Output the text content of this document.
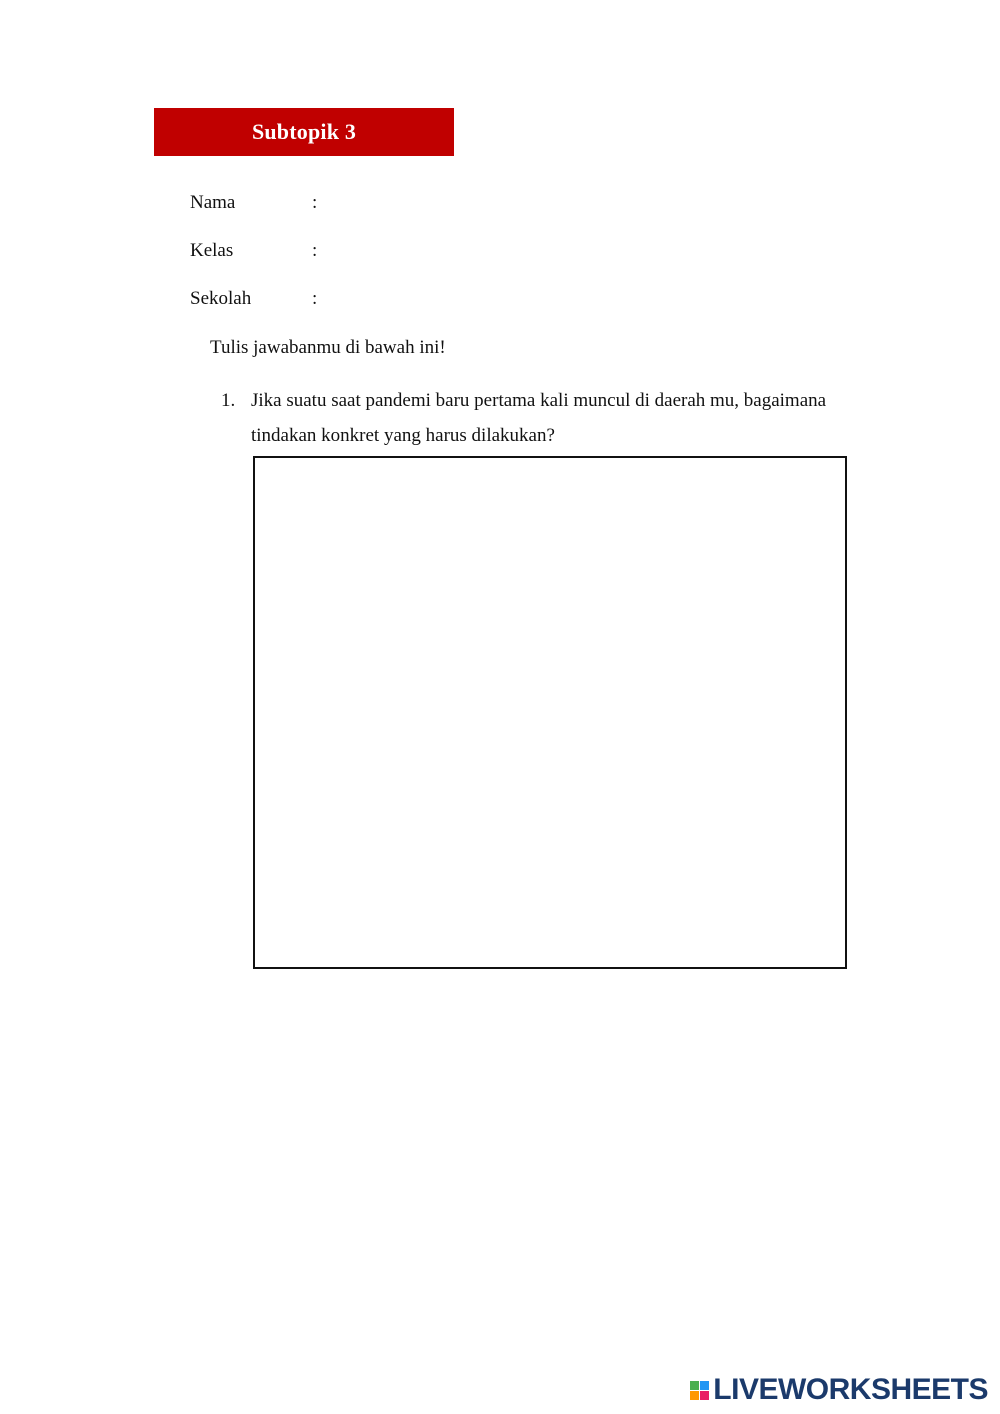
Subtopik 3
Nama	:
Kelas	:
Sekolah	:
Tulis jawabanmu di bawah ini!
1. Jika suatu saat pandemi baru pertama kali muncul di daerah mu, bagaimana tindakan konkret yang harus dilakukan?
LIVEWORKSHEETS
